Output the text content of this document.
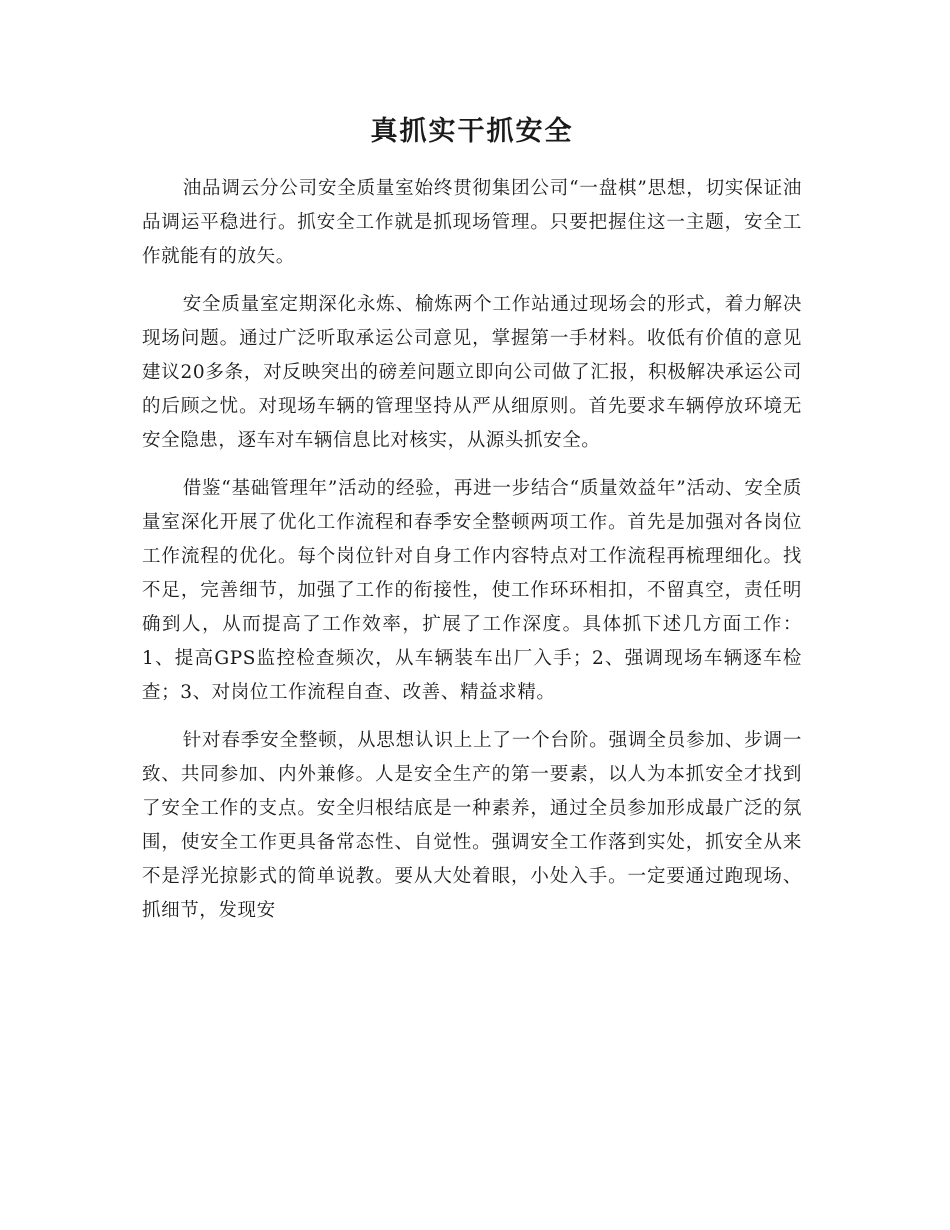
真抓实干抓安全

油品调云分公司安全质量室始终贯彻集团公司“一盘棋”思想，切实保证油品调运平稳进行。抓安全工作就是抓现场管理。只要把握住这一主题，安全工作就能有的放矢。

安全质量室定期深化永炼、榆炼两个工作站通过现场会的形式，着力解决现场问题。通过广泛听取承运公司意见，掌握第一手材料。收低有价值的意见建议20多条，对反映突出的磅差问题立即向公司做了汇报，积极解决承运公司的后顾之忧。对现场车辆的管理坚持从严从细原则。首先要求车辆停放环境无安全隐患，逐车对车辆信息比对核实，从源头抓安全。

借鉴“基础管理年”活动的经验，再进一步结合“质量效益年”活动、安全质量室深化开展了优化工作流程和春季安全整顿两项工作。首先是加强对各岗位工作流程的优化。每个岗位针对自身工作内容特点对工作流程再梳理细化。找不足，完善细节，加强了工作的衔接性，使工作环环相扣，不留真空，责任明确到人，从而提高了工作效率，扩展了工作深度。具体抓下述几方面工作：1、提高GPS监控检查频次，从车辆装车出厂入手；2、强调现场车辆逐车检查；3、对岗位工作流程自查、改善、精益求精。

针对春季安全整顿，从思想认识上上了一个台阶。强调全员参加、步调一致、共同参加、内外兼修。人是安全生产的第一要素，以人为本抓安全才找到了安全工作的支点。安全归根结底是一种素养，通过全员参加形成最广泛的氛围，使安全工作更具备常态性、自觉性。强调安全工作落到实处，抓安全从来不是浮光掠影式的简单说教。要从大处着眼，小处入手。一定要通过跑现场、抓细节，发现安
